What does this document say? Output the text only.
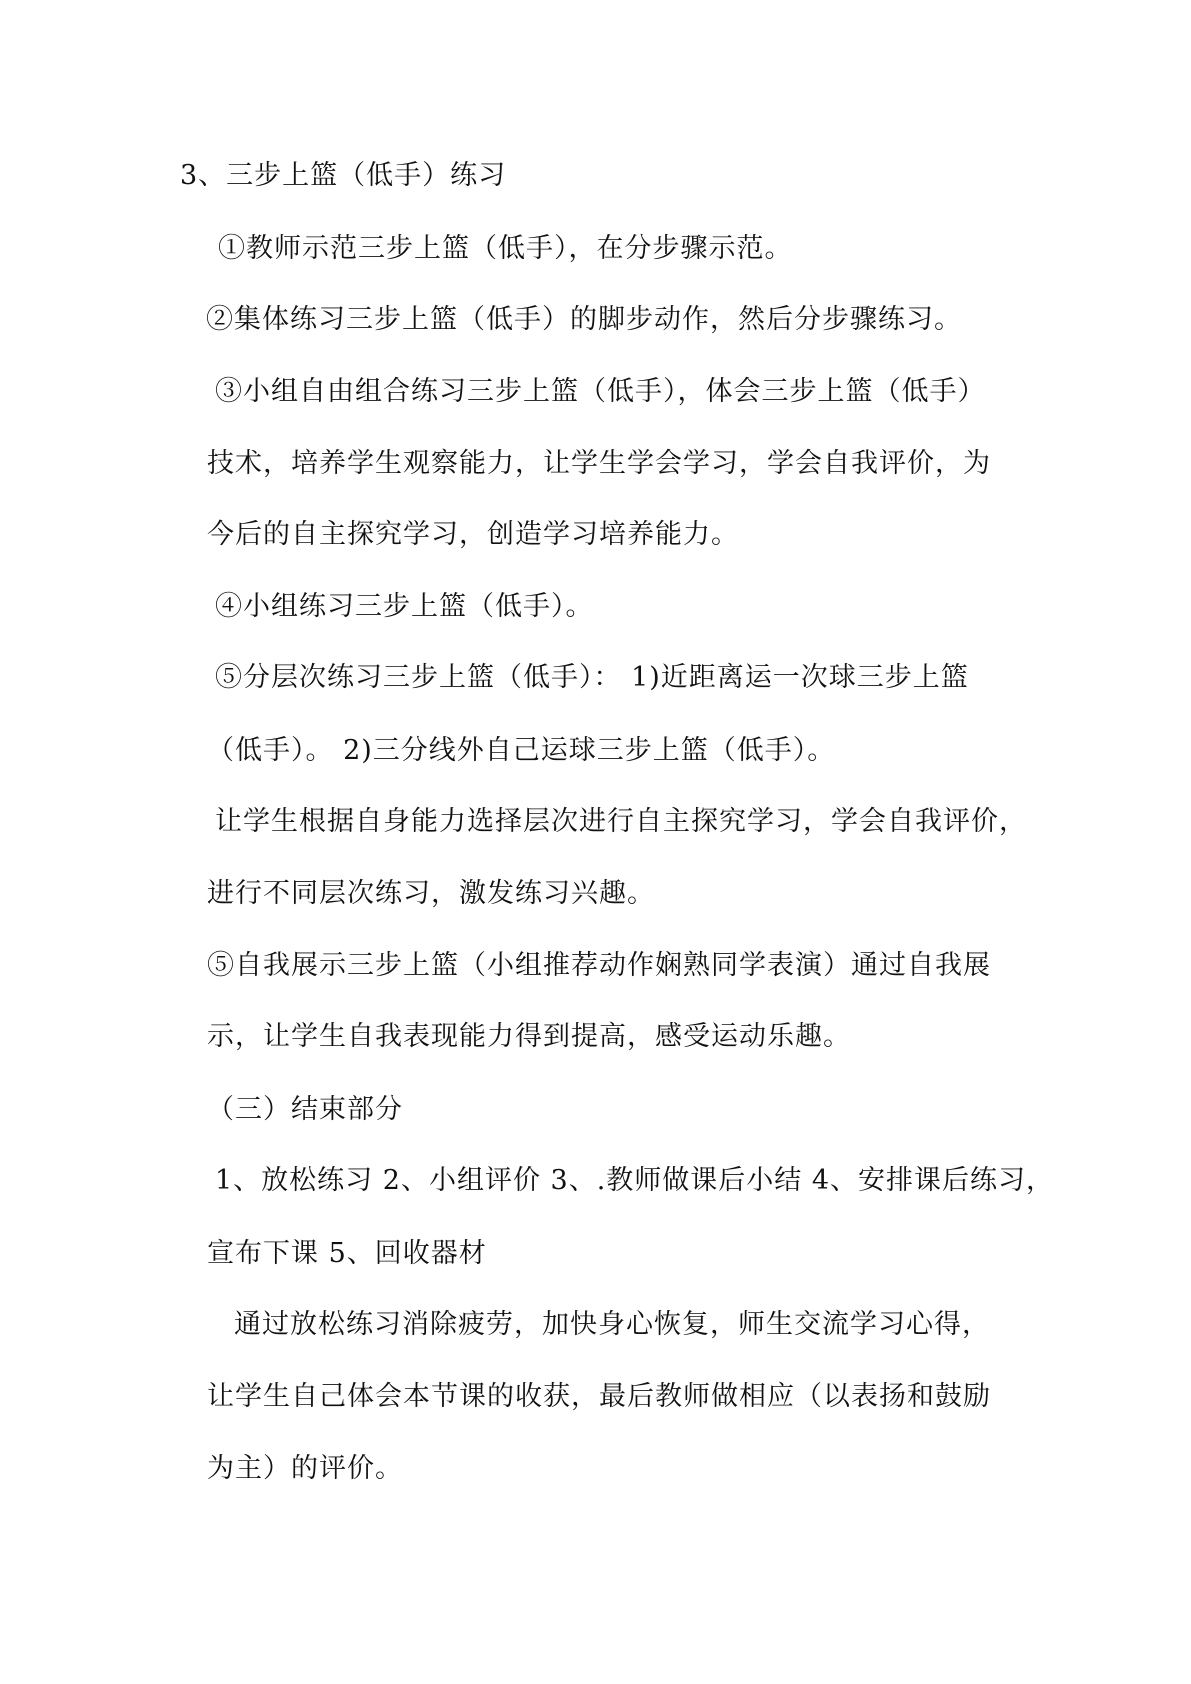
3、三步上篮（低手）练习
①教师示范三步上篮（低手），在分步骤示范。
②集体练习三步上篮（低手）的脚步动作，然后分步骤练习。
③小组自由组合练习三步上篮（低手），体会三步上篮（低手）
技术，培养学生观察能力，让学生学会学习，学会自我评价，为
今后的自主探究学习，创造学习培养能力。
④小组练习三步上篮（低手）。
⑤分层次练习三步上篮（低手）： 1)近距离运一次球三步上篮
（低手）。 2)三分线外自己运球三步上篮（低手）。
让学生根据自身能力选择层次进行自主探究学习，学会自我评价，
进行不同层次练习，激发练习兴趣。
⑤自我展示三步上篮（小组推荐动作娴熟同学表演）通过自我展
示，让学生自我表现能力得到提高，感受运动乐趣。
（三）结束部分
1、放松练习 2、小组评价 3、.教师做课后小结 4、安排课后练习，
宣布下课 5、回收器材
通过放松练习消除疲劳，加快身心恢复，师生交流学习心得，
让学生自己体会本节课的收获，最后教师做相应（以表扬和鼓励
为主）的评价。
